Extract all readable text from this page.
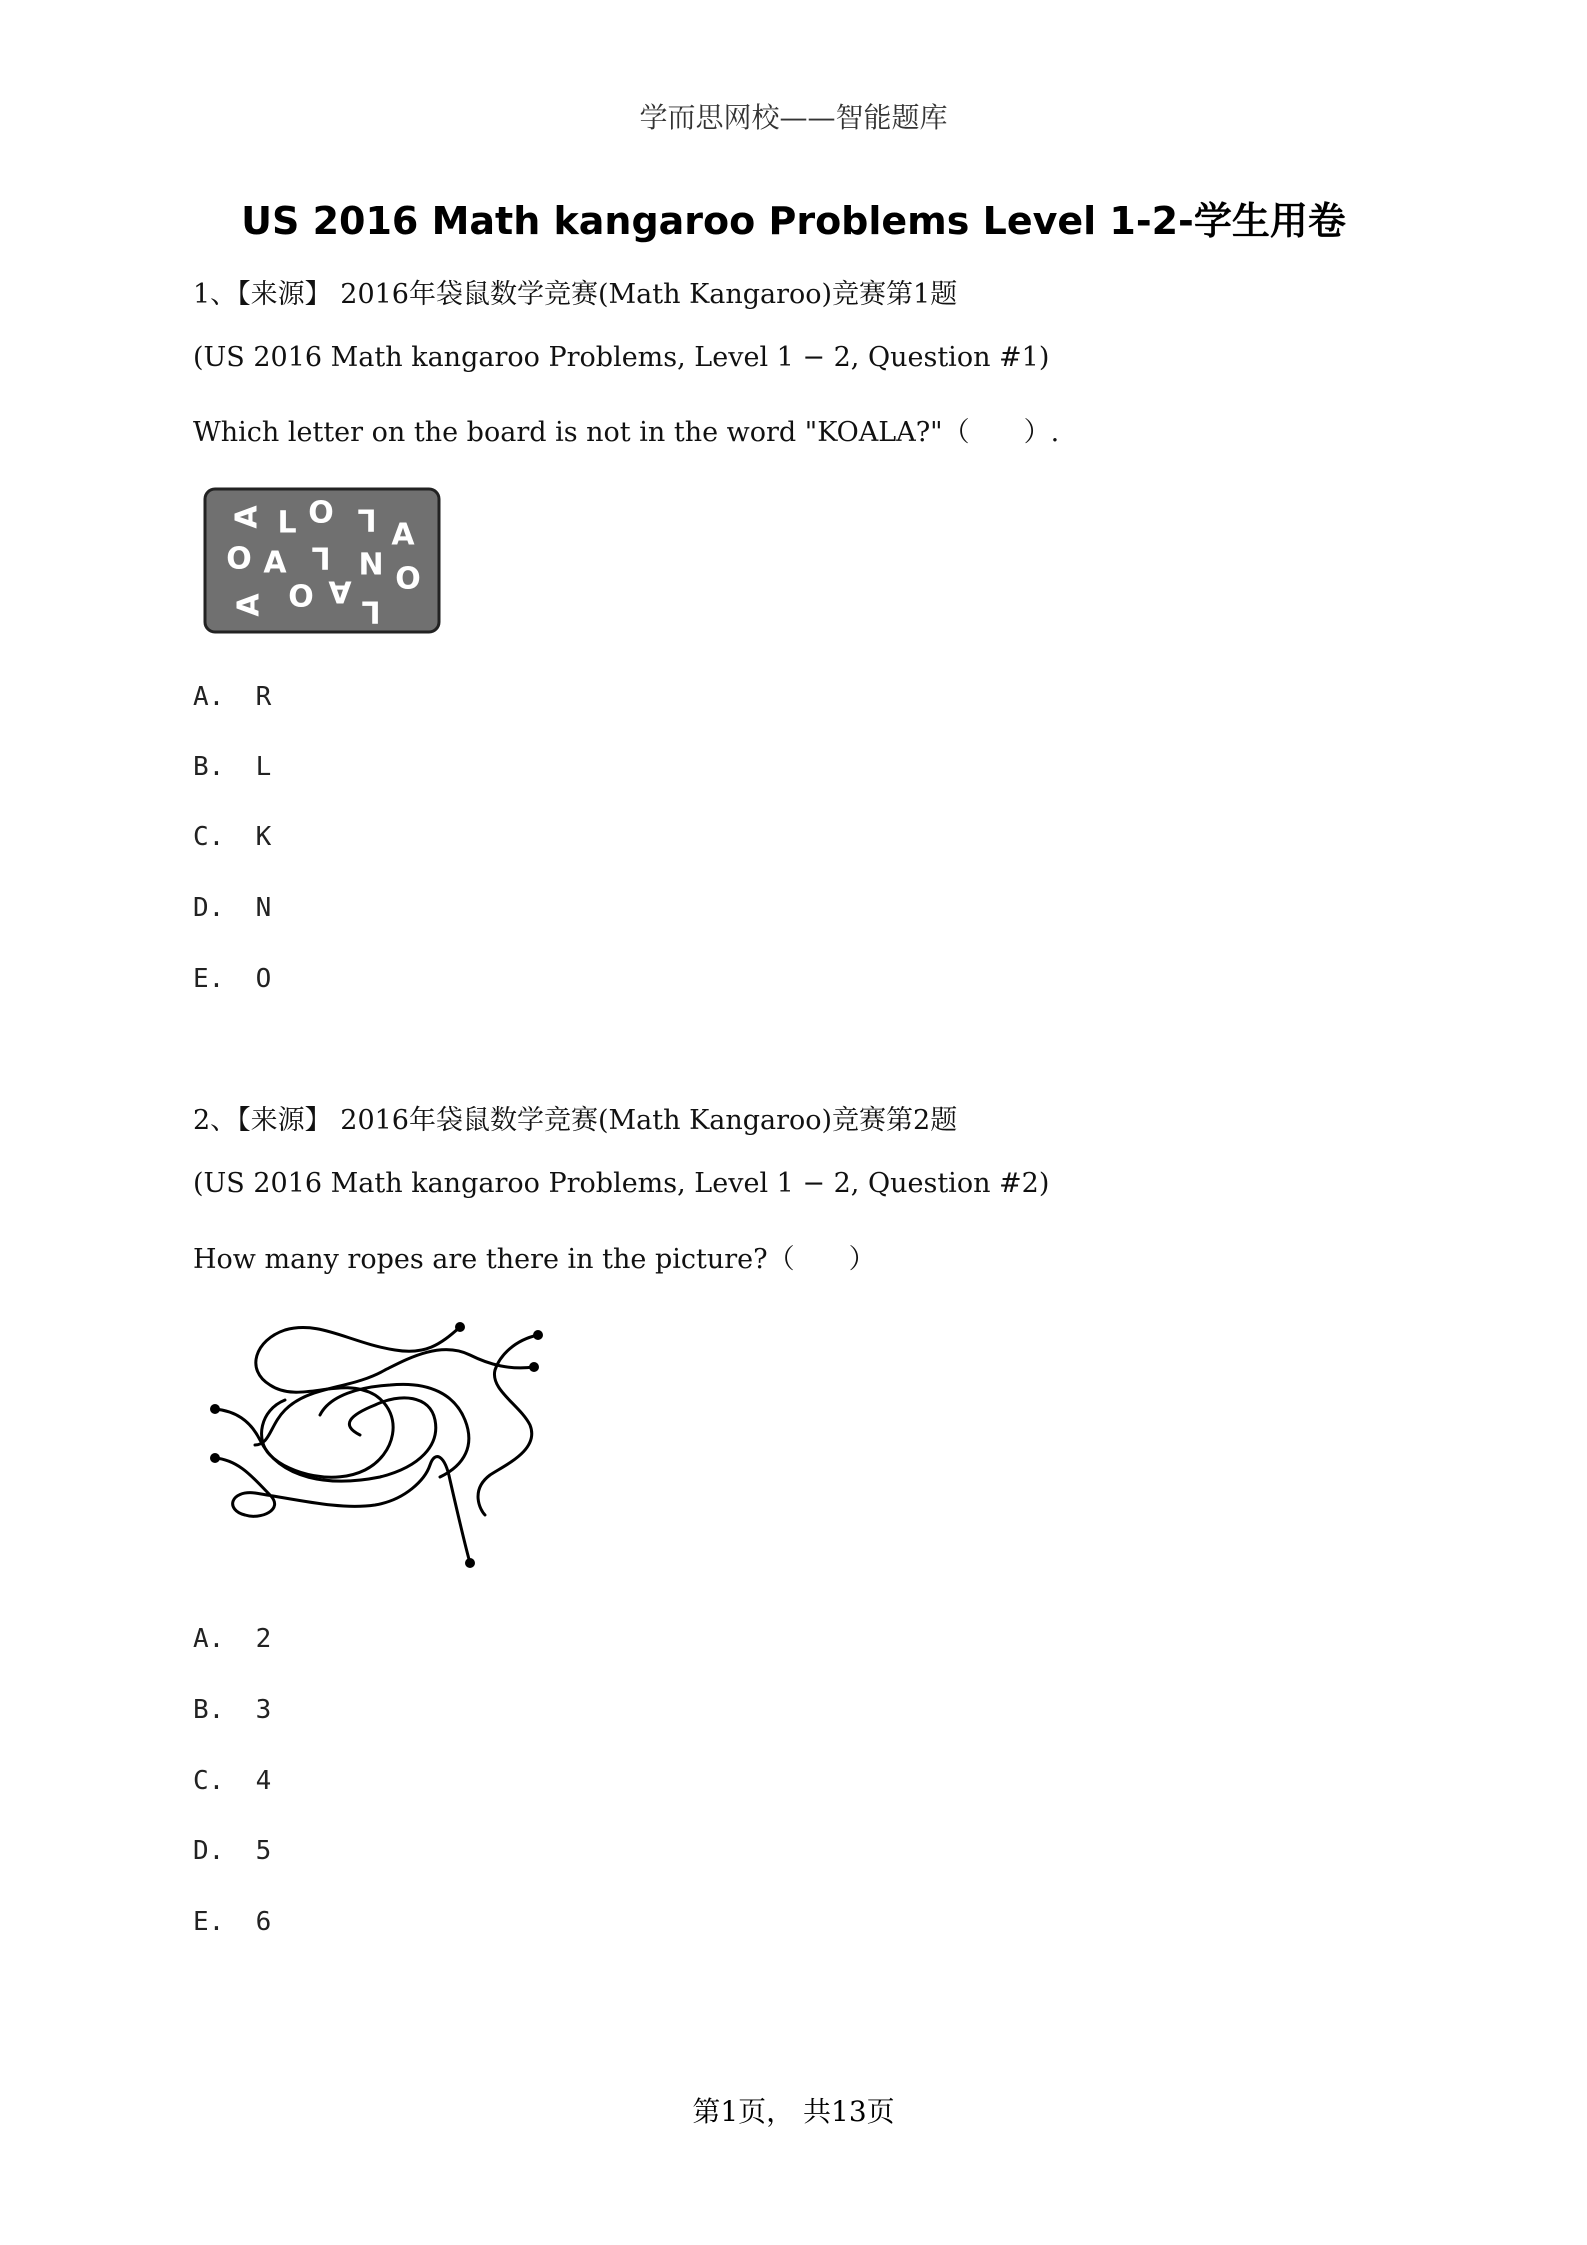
学而思网校——智能题库
US 2016 Math kangaroo Problems Level 1-2-学生用卷
1、【来源】 2016年袋鼠数学竞赛(Math Kangaroo)竞赛第1题
(US 2016 Math kangaroo Problems, Level 1 − 2, Question #1)
Which letter on the board is not in the word "KOALA?"（　　）.
A L O L A
O A L N O
A O A
L
A. R
B. L
C. K
D. N
E. O
2、【来源】 2016年袋鼠数学竞赛(Math Kangaroo)竞赛第2题
(US 2016 Math kangaroo Problems, Level 1 − 2, Question #2)
How many ropes are there in the picture?（　　）
A. 2
B. 3
C. 4
D. 5
E. 6
第1页， 共13页
